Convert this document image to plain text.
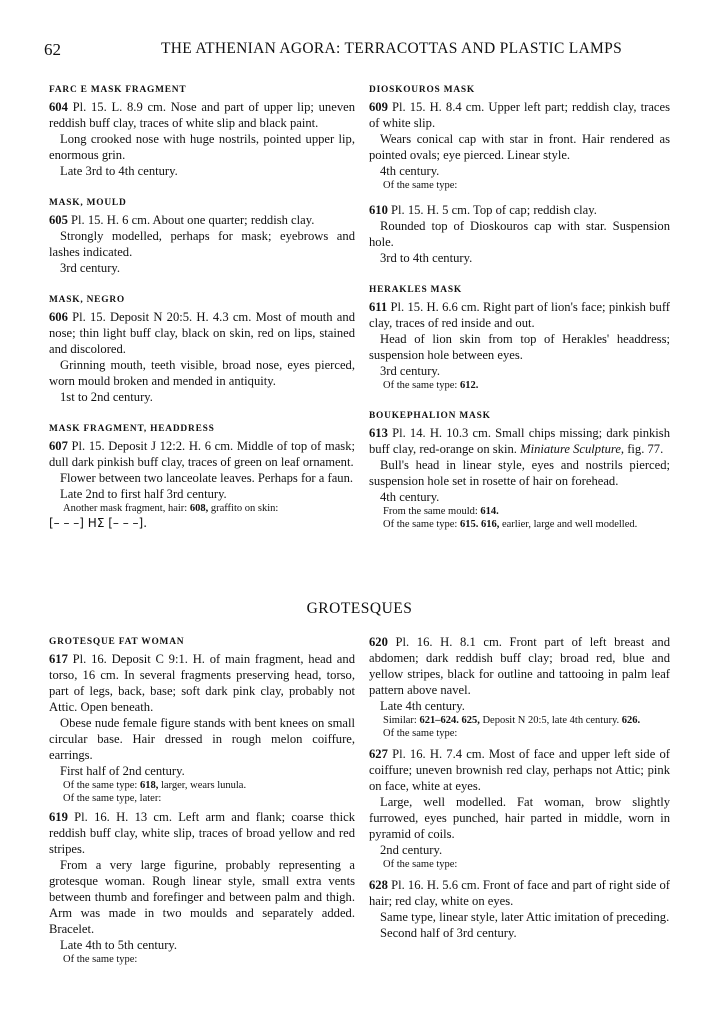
62	THE ATHENIAN AGORA: TERRACOTTAS AND PLASTIC LAMPS
FARC E MASK FRAGMENT

604 Pl. 15. L. 8.9 cm. Nose and part of upper lip; uneven reddish buff clay, traces of white slip and black paint.

Long crooked nose with huge nostrils, pointed upper lip, enormous grin.

Late 3rd to 4th century.

MASK, MOULD

605 Pl. 15. H. 6 cm. About one quarter; reddish clay.

Strongly modelled, perhaps for mask; eyebrows and lashes indicated.

3rd century.

MASK, NEGRO

606 Pl. 15. Deposit N 20:5. H. 4.3 cm. Most of mouth and nose; thin light buff clay, black on skin, red on lips, stained and discolored.

Grinning mouth, teeth visible, broad nose, eyes pierced, worn mould broken and mended in antiquity.

1st to 2nd century.

MASK FRAGMENT, HEADDRESS

607 Pl. 15. Deposit J 12:2. H. 6 cm. Middle of top of mask; dull dark pinkish buff clay, traces of green on leaf ornament.

Flower between two lanceolate leaves. Perhaps for a faun.

Late 2nd to first half 3rd century.

Another mask fragment, hair: 608, graffito on skin:

[– – –] ΗΣ [– – –].

DIOSKOUROS MASK

609 Pl. 15. H. 8.4 cm. Upper left part; reddish clay, traces of white slip.

Wears conical cap with star in front. Hair rendered as pointed ovals; eye pierced. Linear style.

4th century.

Of the same type:

610 Pl. 15. H. 5 cm. Top of cap; reddish clay.

Rounded top of Dioskouros cap with star. Suspension hole.

3rd to 4th century.

HERAKLES MASK

611 Pl. 15. H. 6.6 cm. Right part of lion's face; pinkish buff clay, traces of red inside and out.

Head of lion skin from top of Herakles' headdress; suspension hole between eyes.

3rd century.

Of the same type: 612.

BOUKEPHALION MASK

613 Pl. 14. H. 10.3 cm. Small chips missing; dark pinkish buff clay, red-orange on skin. Miniature Sculpture, fig. 77.

Bull's head in linear style, eyes and nostrils pierced; suspension hole set in rosette of hair on forehead.

4th century.

From the same mould: 614.

Of the same type: 615. 616, earlier, large and well modelled.

GROTESQUES
GROTESQUE FAT WOMAN

617 Pl. 16. Deposit C 9:1. H. of main fragment, head and torso, 16 cm. In several fragments preserving head, torso, part of legs, back, base; soft dark pink clay, probably not Attic. Open beneath.

Obese nude female figure stands with bent knees on small circular base. Hair dressed in rough melon coiffure, earrings.

First half of 2nd century.

Of the same type: 618, larger, wears lunula.

Of the same type, later:

619 Pl. 16. H. 13 cm. Left arm and flank; coarse thick reddish buff clay, white slip, traces of broad yellow and red stripes.

From a very large figurine, probably representing a grotesque woman. Rough linear style, small extra vents between thumb and forefinger and between palm and thigh. Arm was made in two moulds and separately added. Bracelet.

Late 4th to 5th century.

Of the same type:

620 Pl. 16. H. 8.1 cm. Front part of left breast and abdomen; dark reddish buff clay; broad red, blue and yellow stripes, black for outline and tattooing in palm leaf pattern above navel.

Late 4th century.

Similar: 621–624. 625, Deposit N 20:5, late 4th century. 626.

Of the same type:

627 Pl. 16. H. 7.4 cm. Most of face and upper left side of coiffure; uneven brownish red clay, perhaps not Attic; pink on face, white at eyes.

Large, well modelled. Fat woman, brow slightly furrowed, eyes punched, hair parted in middle, worn in pyramid of coils.

2nd century.

Of the same type:

628 Pl. 16. H. 5.6 cm. Front of face and part of right side of hair; red clay, white on eyes.

Same type, linear style, later Attic imitation of preceding.

Second half of 3rd century.
